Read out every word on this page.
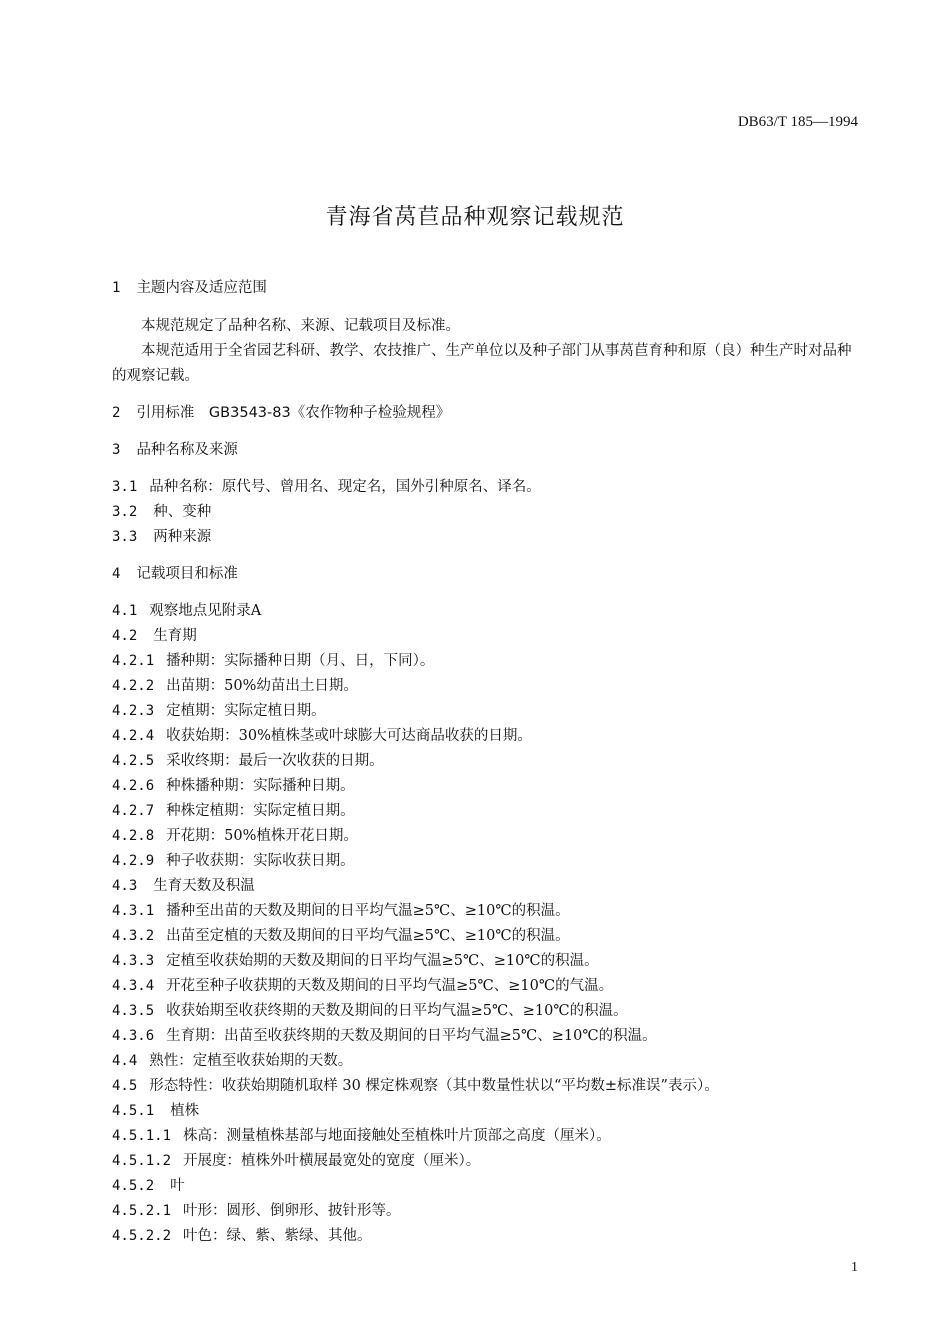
DB63/T 185—1994
青海省莴苣品种观察记载规范
1 主题内容及适应范围
本规范规定了品种名称、来源、记载项目及标准。
本规范适用于全省园艺科研、教学、农技推广、生产单位以及种子部门从事莴苣育种和原（良）种生产时对品种的观察记载。
2 引用标准　GB3543-83《农作物种子检验规程》
3 品种名称及来源
3.1 品种名称：原代号、曾用名、现定名，国外引种原名、译名。
3.2 种、变种
3.3 两种来源
4 记载项目和标准
4.1 观察地点见附录A
4.2 生育期
4.2.1 播种期：实际播种日期（月、日，下同）。
4.2.2 出苗期：50%幼苗出土日期。
4.2.3 定植期：实际定植日期。
4.2.4 收获始期：30%植株茎或叶球膨大可达商品收获的日期。
4.2.5 采收终期：最后一次收获的日期。
4.2.6 种株播种期：实际播种日期。
4.2.7 种株定植期：实际定植日期。
4.2.8 开花期：50%植株开花日期。
4.2.9 种子收获期：实际收获日期。
4.3 生育天数及积温
4.3.1 播种至出苗的天数及期间的日平均气温≥5℃、≥10℃的积温。
4.3.2 出苗至定植的天数及期间的日平均气温≥5℃、≥10℃的积温。
4.3.3 定植至收获始期的天数及期间的日平均气温≥5℃、≥10℃的积温。
4.3.4 开花至种子收获期的天数及期间的日平均气温≥5℃、≥10℃的气温。
4.3.5 收获始期至收获终期的天数及期间的日平均气温≥5℃、≥10℃的积温。
4.3.6 生育期：出苗至收获终期的天数及期间的日平均气温≥5℃、≥10℃的积温。
4.4 熟性：定植至收获始期的天数。
4.5 形态特性：收获始期随机取样 30 棵定株观察（其中数量性状以“平均数±标准误”表示）。
4.5.1 植株
4.5.1.1 株高：测量植株基部与地面接触处至植株叶片顶部之高度（厘米）。
4.5.1.2 开展度：植株外叶横展最宽处的宽度（厘米）。
4.5.2 叶
4.5.2.1 叶形：圆形、倒卵形、披针形等。
4.5.2.2 叶色：绿、紫、紫绿、其他。
1
